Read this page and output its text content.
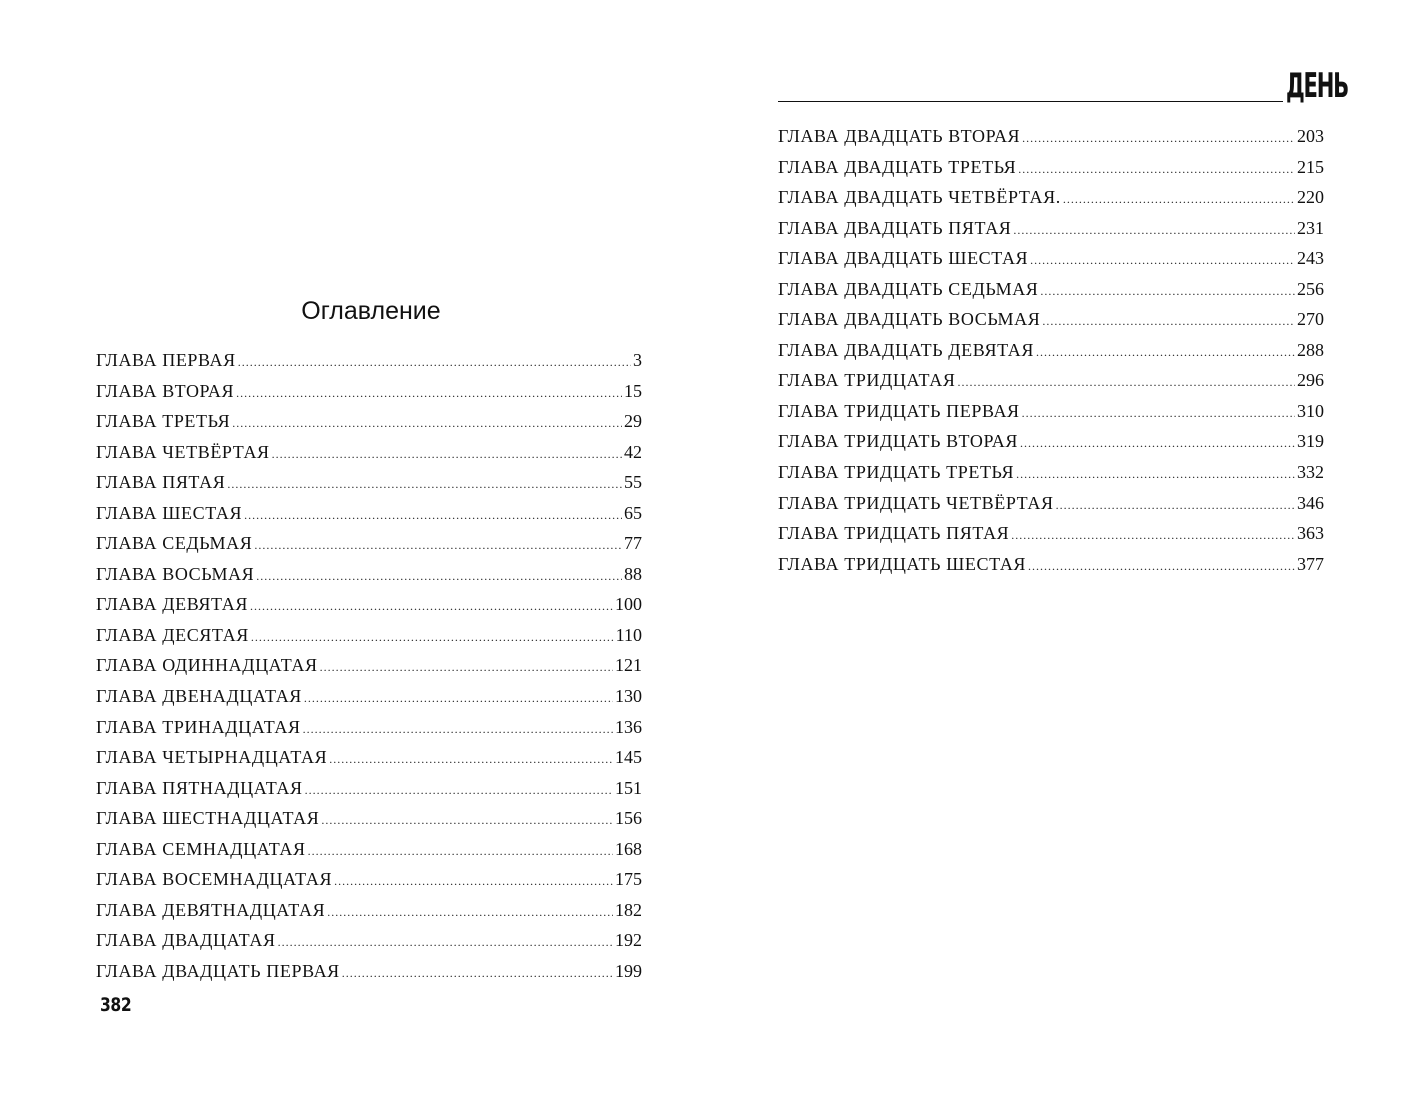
Оглавление
ГЛАВА ПЕРВАЯ .....	3
ГЛАВА ВТОРАЯ .....	15
ГЛАВА ТРЕТЬЯ .....	29
ГЛАВА ЧЕТВЁРТАЯ .....	42
ГЛАВА ПЯТАЯ .....	55
ГЛАВА ШЕСТАЯ .....	65
ГЛАВА СЕДЬМАЯ .....	77
ГЛАВА ВОСЬМАЯ .....	88
ГЛАВА ДЕВЯТАЯ .....	100
ГЛАВА ДЕСЯТАЯ .....	110
ГЛАВА ОДИННАДЦАТАЯ .....	121
ГЛАВА ДВЕНАДЦАТАЯ .....	130
ГЛАВА ТРИНАДЦАТАЯ .....	136
ГЛАВА ЧЕТЫРНАДЦАТАЯ .....	145
ГЛАВА ПЯТНАДЦАТАЯ .....	151
ГЛАВА ШЕСТНАДЦАТАЯ .....	156
ГЛАВА СЕМНАДЦАТАЯ .....	168
ГЛАВА ВОСЕМНАДЦАТАЯ .....	175
ГЛАВА ДЕВЯТНАДЦАТАЯ .....	182
ГЛАВА ДВАДЦАТАЯ .....	192
ГЛАВА ДВАДЦАТЬ ПЕРВАЯ .....	199
382
ДЕНЬ
ГЛАВА ДВАДЦАТЬ ВТОРАЯ .....	203
ГЛАВА ДВАДЦАТЬ ТРЕТЬЯ .....	215
ГЛАВА ДВАДЦАТЬ ЧЕТВЁРТАЯ. .....	220
ГЛАВА ДВАДЦАТЬ ПЯТАЯ .....	231
ГЛАВА ДВАДЦАТЬ ШЕСТАЯ .....	243
ГЛАВА ДВАДЦАТЬ СЕДЬМАЯ .....	256
ГЛАВА ДВАДЦАТЬ ВОСЬМАЯ .....	270
ГЛАВА ДВАДЦАТЬ ДЕВЯТАЯ .....	288
ГЛАВА ТРИДЦАТАЯ .....	296
ГЛАВА ТРИДЦАТЬ ПЕРВАЯ .....	310
ГЛАВА ТРИДЦАТЬ ВТОРАЯ .....	319
ГЛАВА ТРИДЦАТЬ ТРЕТЬЯ .....	332
ГЛАВА ТРИДЦАТЬ ЧЕТВЁРТАЯ .....	346
ГЛАВА ТРИДЦАТЬ ПЯТАЯ .....	363
ГЛАВА ТРИДЦАТЬ ШЕСТАЯ .....	377
